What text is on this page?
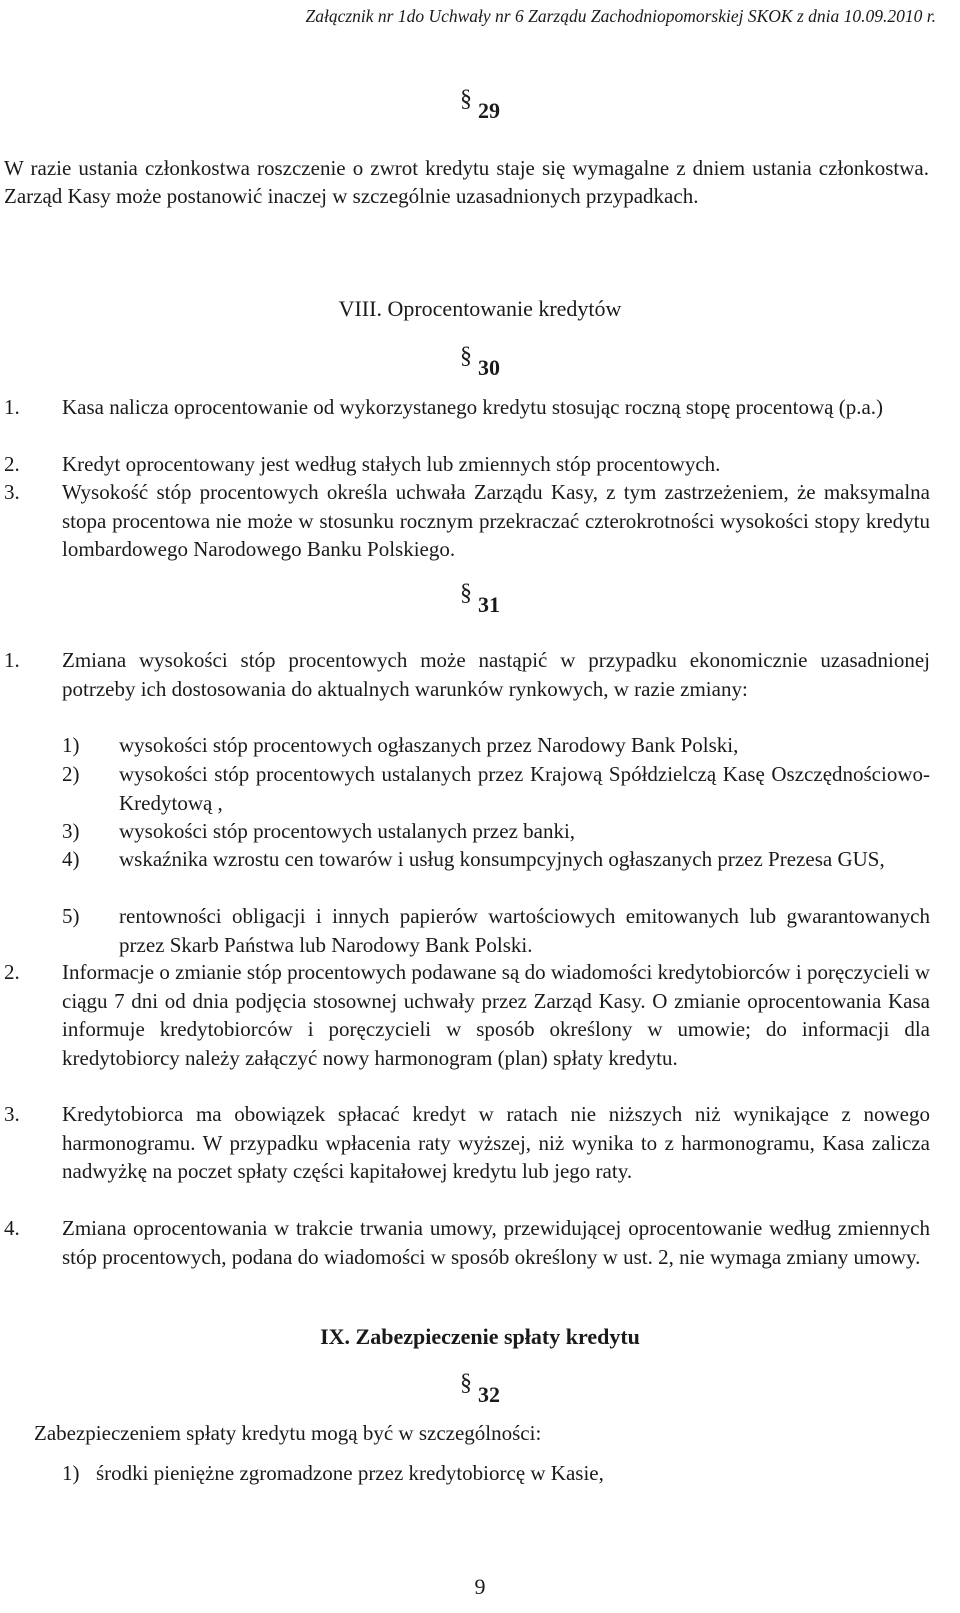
Załącznik nr 1do Uchwały nr 6 Zarządu Zachodniopomorskiej SKOK z dnia 10.09.2010 r.
§ 29
W razie ustania członkostwa roszczenie o zwrot kredytu staje się wymagalne z dniem ustania członkostwa. Zarząd Kasy może postanowić inaczej w szczególnie uzasadnionych przypadkach.
VIII. Oprocentowanie kredytów
§ 30
1. Kasa nalicza oprocentowanie od wykorzystanego kredytu stosując roczną stopę procentową (p.a.)
2. Kredyt oprocentowany jest według stałych lub zmiennych stóp procentowych.
3. Wysokość stóp procentowych określa uchwała Zarządu Kasy, z tym zastrzeżeniem, że maksymalna stopa procentowa nie może w stosunku rocznym przekraczać czterokrotności wysokości stopy kredytu lombardowego Narodowego Banku Polskiego.
§ 31
1. Zmiana wysokości stóp procentowych może nastąpić w przypadku ekonomicznie uzasadnionej potrzeby ich dostosowania do aktualnych warunków rynkowych, w razie zmiany:
1) wysokości stóp procentowych ogłaszanych przez Narodowy Bank Polski,
2) wysokości stóp procentowych ustalanych przez Krajową Spółdzielczą Kasę Oszczędnościowo-Kredytową ,
3) wysokości stóp procentowych ustalanych przez banki,
4) wskaźnika wzrostu cen towarów i usług konsumpcyjnych ogłaszanych przez Prezesa GUS,
5) rentowności obligacji i innych papierów wartościowych emitowanych lub gwarantowanych przez Skarb Państwa lub Narodowy Bank Polski.
2. Informacje o zmianie stóp procentowych podawane są do wiadomości kredytobiorców i poręczycieli w ciągu 7 dni od dnia podjęcia stosownej uchwały przez Zarząd Kasy. O zmianie oprocentowania Kasa informuje kredytobiorców i poręczycieli w sposób określony w umowie; do informacji dla kredytobiorcy należy załączyć nowy harmonogram (plan) spłaty kredytu.
3. Kredytobiorca ma obowiązek spłacać kredyt w ratach nie niższych niż wynikające z nowego harmonogramu. W przypadku wpłacenia raty wyższej, niż wynika to z harmonogramu, Kasa zalicza nadwyżkę na poczet spłaty części kapitałowej kredytu lub jego raty.
4. Zmiana oprocentowania w trakcie trwania umowy, przewidującej oprocentowanie według zmiennych stóp procentowych, podana do wiadomości w sposób określony w ust. 2, nie wymaga zmiany umowy.
IX. Zabezpieczenie spłaty kredytu
§ 32
Zabezpieczeniem spłaty kredytu mogą być w szczególności:
1) środki pieniężne zgromadzone przez kredytobiorcę w Kasie,
9
